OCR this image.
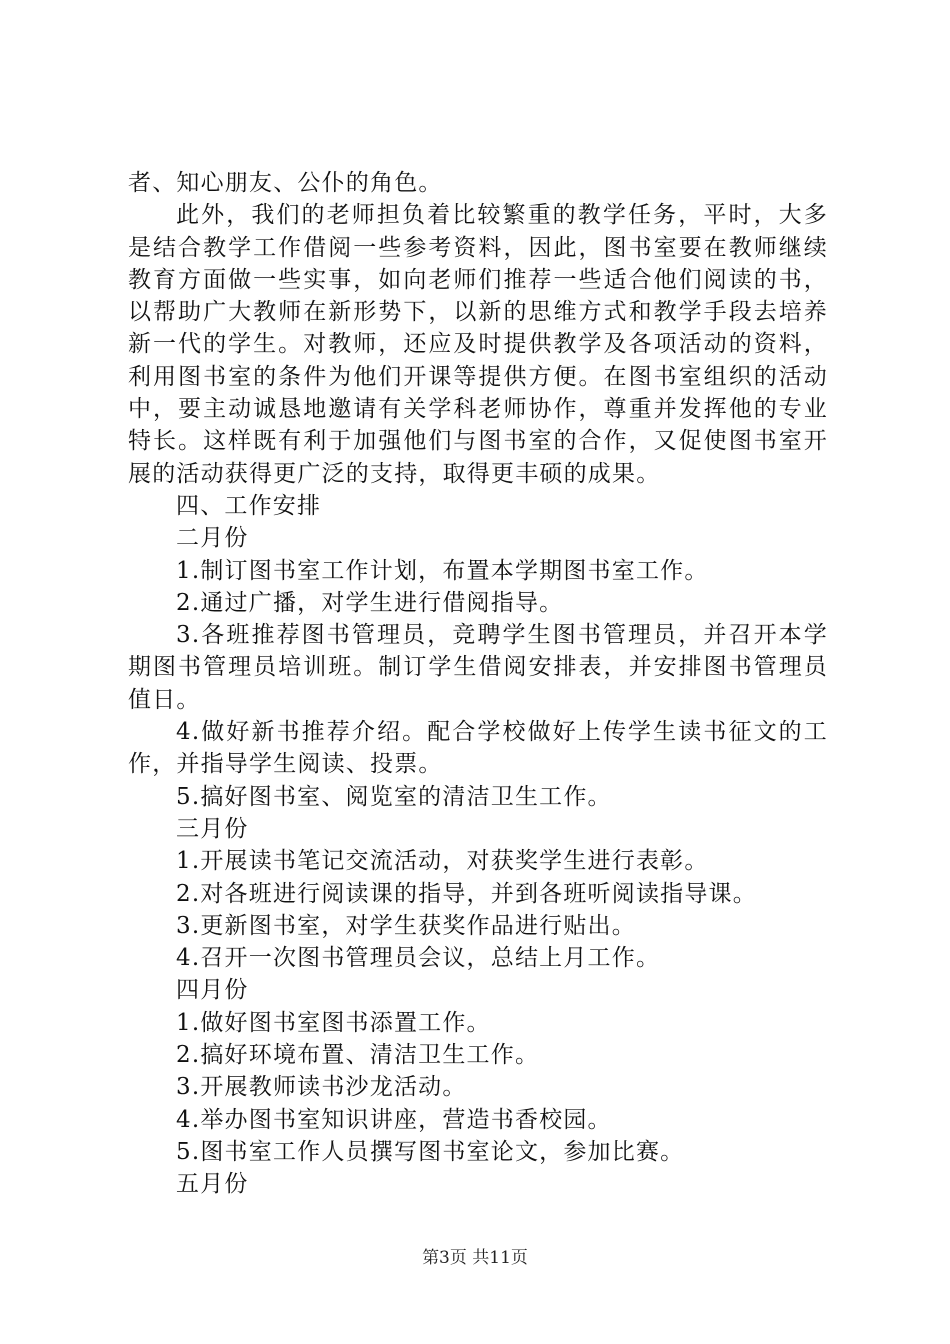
者、知心朋友、公仆的角色。

此外，我们的老师担负着比较繁重的教学任务，平时，大多是结合教学工作借阅一些参考资料，因此，图书室要在教师继续教育方面做一些实事，如向老师们推荐一些适合他们阅读的书，以帮助广大教师在新形势下，以新的思维方式和教学手段去培养新一代的学生。对教师，还应及时提供教学及各项活动的资料，利用图书室的条件为他们开课等提供方便。在图书室组织的活动中，要主动诚恳地邀请有关学科老师协作，尊重并发挥他的专业特长。这样既有利于加强他们与图书室的合作，又促使图书室开展的活动获得更广泛的支持，取得更丰硕的成果。

四、工作安排

二月份

1.制订图书室工作计划，布置本学期图书室工作。

2.通过广播，对学生进行借阅指导。

3.各班推荐图书管理员，竞聘学生图书管理员，并召开本学期图书管理员培训班。制订学生借阅安排表，并安排图书管理员值日。

4.做好新书推荐介绍。配合学校做好上传学生读书征文的工作，并指导学生阅读、投票。

5.搞好图书室、阅览室的清洁卫生工作。

三月份

1.开展读书笔记交流活动，对获奖学生进行表彰。

2.对各班进行阅读课的指导，并到各班听阅读指导课。

3.更新图书室，对学生获奖作品进行贴出。

4.召开一次图书管理员会议，总结上月工作。

四月份

1.做好图书室图书添置工作。

2.搞好环境布置、清洁卫生工作。

3.开展教师读书沙龙活动。

4.举办图书室知识讲座，营造书香校园。

5.图书室工作人员撰写图书室论文，参加比赛。

五月份

第3页 共11页
